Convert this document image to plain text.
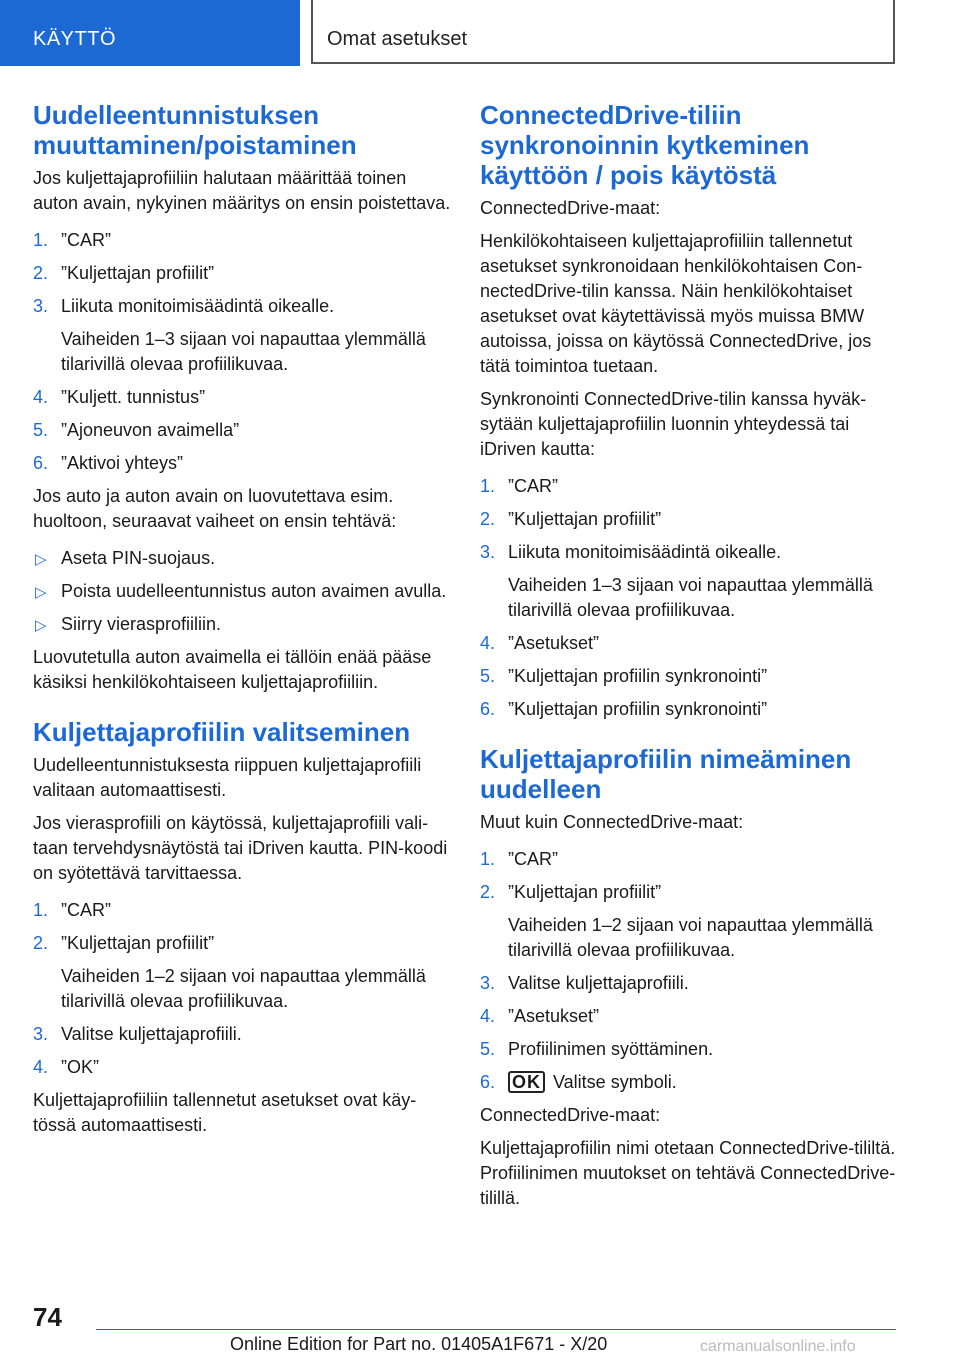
KÄYTTÖ	Omat asetukset
Uudelleentunnistuksen muuttaminen/poistaminen

Jos kuljettajaprofiiliin halutaan määrittää toinen auton avain, nykyinen määritys on ensin poistettava.

1. ”CAR”
2. ”Kuljettajan profiilit”
3. Liikuta monitoimisäädintä oikealle.
Vaiheiden 1–3 sijaan voi napauttaa ylemmällä tilarivillä olevaa profiilikuvaa.
4. ”Kuljett. tunnistus”
5. ”Ajoneuvon avaimella”
6. ”Aktivoi yhteys”

Jos auto ja auton avain on luovutettava esim. huoltoon, seuraavat vaiheet on ensin tehtävä:

▷ Aseta PIN-suojaus.
▷ Poista uudelleentunnistus auton avaimen avulla.
▷ Siirry vierasprofiiliin.

Luovutetulla auton avaimella ei tällöin enää pääse käsiksi henkilökohtaiseen kuljettajaprofiiliin.

Kuljettajaprofiilin valitseminen

Uudelleentunnistuksesta riippuen kuljettajaprofiili valitaan automaattisesti.

Jos vierasprofiili on käytössä, kuljettajaprofiili valitaan tervehdysnäytöstä tai iDriven kautta. PIN-koodi on syötettävä tarvittaessa.

1. ”CAR”
2. ”Kuljettajan profiilit”
Vaiheiden 1–2 sijaan voi napauttaa ylemmällä tilarivillä olevaa profiilikuvaa.
3. Valitse kuljettajaprofiili.
4. ”OK”

Kuljettajaprofiiliin tallennetut asetukset ovat käytössä automaattisesti.

ConnectedDrive-tiliin synkronoinnin kytkeminen käyttöön / pois käytöstä

ConnectedDrive-maat:

Henkilökohtaiseen kuljettajaprofiiliin tallennetut asetukset synkronoidaan henkilökohtaisen ConnectedDrive-tilin kanssa. Näin henkilökohtaiset asetukset ovat käytettävissä myös muissa BMW autoissa, joissa on käytössä ConnectedDrive, jos tätä toimintoa tuetaan.

Synkronointi ConnectedDrive-tilin kanssa hyväksytään kuljettajaprofiilin luonnin yhteydessä tai iDriven kautta:

1. ”CAR”
2. ”Kuljettajan profiilit”
3. Liikuta monitoimisäädintä oikealle.
Vaiheiden 1–3 sijaan voi napauttaa ylemmällä tilarivillä olevaa profiilikuvaa.
4. ”Asetukset”
5. ”Kuljettajan profiilin synkronointi”
6. ”Kuljettajan profiilin synkronointi”
Kuljettajaprofiilin nimeäminen uudelleen

Muut kuin ConnectedDrive-maat:

1. ”CAR”
2. ”Kuljettajan profiilit”
Vaiheiden 1–2 sijaan voi napauttaa ylemmällä tilarivillä olevaa profiilikuvaa.
3. Valitse kuljettajaprofiili.
4. ”Asetukset”
5. Profiilinimen syöttäminen.
6. OK Valitse symboli.

ConnectedDrive-maat:

Kuljettajaprofiilin nimi otetaan ConnectedDrive-tililtä. Profiilinimen muutokset on tehtävä ConnectedDrive-tilillä.

74
Online Edition for Part no. 01405A1F671 - X/20	carmanualsonline.info
